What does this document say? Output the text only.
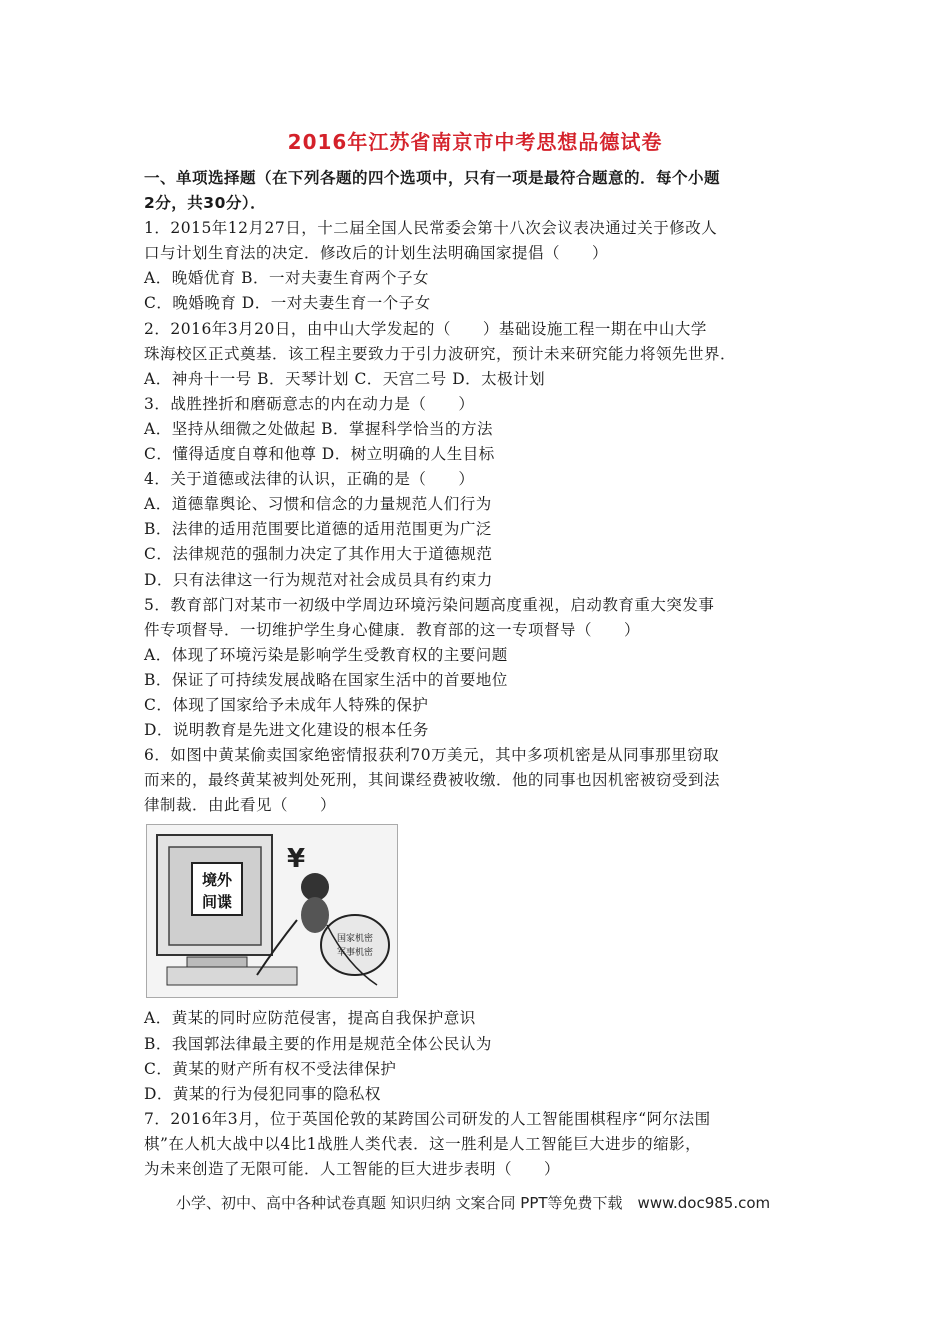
2016年江苏省南京市中考思想品德试卷
一、单项选择题（在下列各题的四个选项中，只有一项是最符合题意的．每个小题
2分，共30分）．
1．2015年12月27日，十二届全国人民常委会第十八次会议表决通过关于修改人
口与计划生育法的决定．修改后的计划生法明确国家提倡（　　）
A．晚婚优育 B．一对夫妻生育两个子女
C．晚婚晚育 D．一对夫妻生育一个子女
2．2016年3月20日，由中山大学发起的（　　）基础设施工程一期在中山大学
珠海校区正式奠基．该工程主要致力于引力波研究，预计未来研究能力将领先世界．
A．神舟十一号 B．天琴计划 C．天宫二号 D．太极计划
3．战胜挫折和磨砺意志的内在动力是（　　）
A．坚持从细微之处做起 B．掌握科学恰当的方法
C．懂得适度自尊和他尊 D．树立明确的人生目标
4．关于道德或法律的认识，正确的是（　　）
A．道德靠舆论、习惯和信念的力量规范人们行为
B．法律的适用范围要比道德的适用范围更为广泛
C．法律规范的强制力决定了其作用大于道德规范
D．只有法律这一行为规范对社会成员具有约束力
5．教育部门对某市一初级中学周边环境污染问题高度重视，启动教育重大突发事
件专项督导．一切维护学生身心健康．教育部的这一专项督导（　　）
A．体现了环境污染是影响学生受教育权的主要问题
B．保证了可持续发展战略在国家生活中的首要地位
C．体现了国家给予未成年人特殊的保护
D．说明教育是先进文化建设的根本任务
6．如图中黄某偷卖国家绝密情报获利70万美元，其中多项机密是从同事那里窃取
而来的，最终黄某被判处死刑，其间谍经费被收缴．他的同事也因机密被窃受到法
律制裁．由此看见（　　）
境外
间谍
¥
国家机密
军事机密
A．黄某的同时应防范侵害，提高自我保护意识
B．我国郭法律最主要的作用是规范全体公民认为
C．黄某的财产所有权不受法律保护
D．黄某的行为侵犯同事的隐私权
7．2016年3月，位于英国伦敦的某跨国公司研发的人工智能围棋程序“阿尔法围
棋”在人机大战中以4比1战胜人类代表．这一胜利是人工智能巨大进步的缩影，
为未来创造了无限可能．人工智能的巨大进步表明（　　）
小学、初中、高中各种试卷真题 知识归纳 文案合同 PPT等免费下载　www.doc985.com
